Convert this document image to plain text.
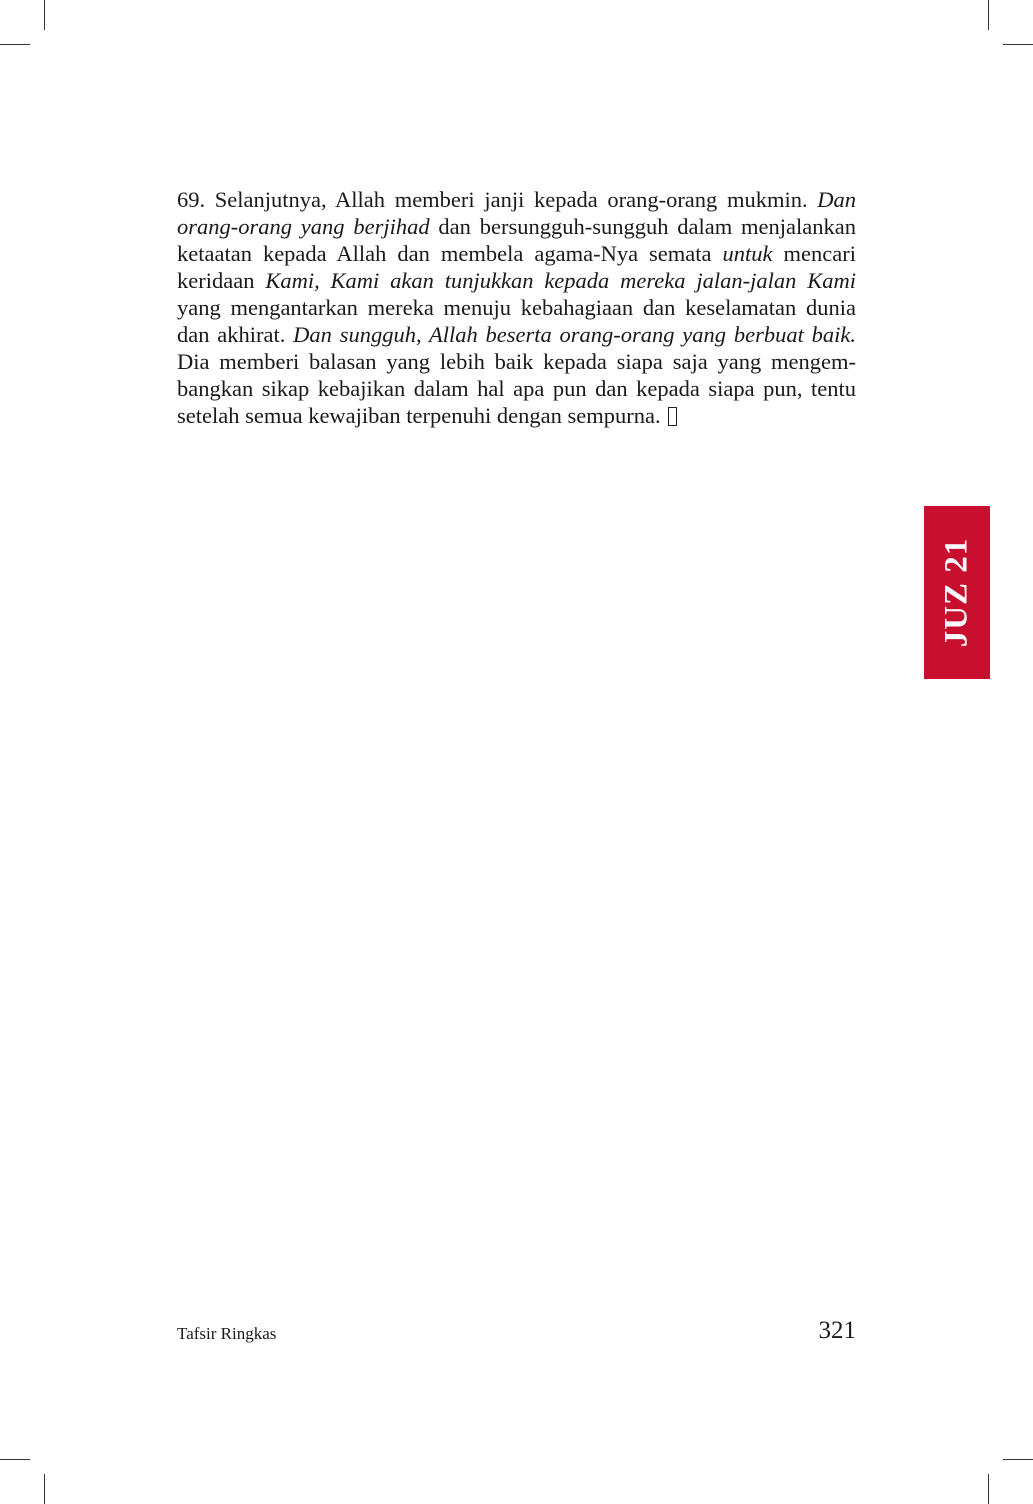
69. Selanjutnya, Allah memberi janji kepada orang-orang mukmin. Dan orang-orang yang berjihad dan bersungguh-sungguh dalam menjalankan ketaatan kepada Allah dan membela agama-Nya semata untuk mencari keridaan Kami, Kami akan tunjukkan kepada mereka jalan-jalan Kami yang mengantarkan mereka menuju kebahagiaan dan keselamatan dunia dan akhirat. Dan sungguh, Allah beserta orang-orang yang berbuat baik. Dia memberi balasan yang lebih baik kepada siapa saja yang mengembangkan sikap kebajikan dalam hal apa pun dan kepada siapa pun, tentu setelah semua kewajiban terpenuhi dengan sempurna.

JUZ 21
Tafsir Ringkas	321
